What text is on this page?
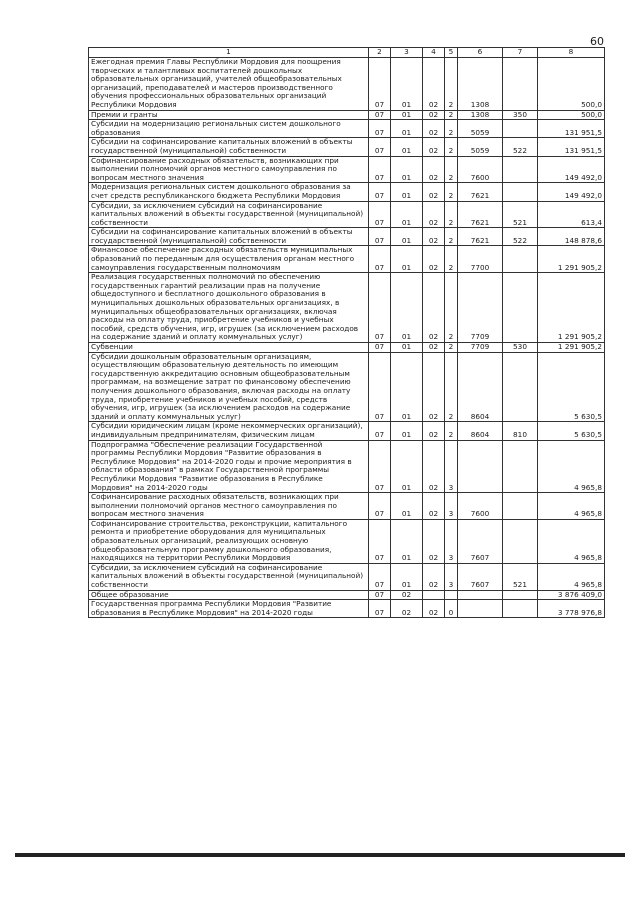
60
1	2	3	4	5	6	7	8
Ежегодная премия Главы Республики Мордовия для поощрения творческих и талантливых воспитателей дошкольных образовательных организаций, учителей общеобразовательных организаций, преподавателей и мастеров производственного обучения профессиональных образовательных организаций Республики Мордовия	07	01	02	2	1308		500,0
Премии и гранты	07	01	02	2	1308	350	500,0
Субсидии на модернизацию региональных систем дошкольного образования	07	01	02	2	5059		131 951,5
Субсидии на софинансирование капитальных вложений в объекты государственной (муниципальной) собственности	07	01	02	2	5059	522	131 951,5
Софинансирование расходных обязательств, возникающих при выполнении полномочий органов местного самоуправления по вопросам местного значения	07	01	02	2	7600		149 492,0
Модернизация региональных систем дошкольного образования за счет средств республиканского бюджета Республики Мордовия	07	01	02	2	7621		149 492,0
Субсидии, за исключением субсидий на софинансирование капитальных вложений в объекты государственной (муниципальной) собственности	07	01	02	2	7621	521	613,4
Субсидии на софинансирование капитальных вложений в объекты государственной (муниципальной) собственности	07	01	02	2	7621	522	148 878,6
Финансовое обеспечение расходных обязательств муниципальных образований по переданным для осуществления органам местного самоуправления государственным полномочиям	07	01	02	2	7700		1 291 905,2
Реализация государственных полномочий по обеспечению государственных гарантий реализации прав на получение общедоступного и бесплатного дошкольного образования в муниципальных дошкольных образовательных организациях, в муниципальных общеобразовательных организациях, включая расходы на оплату труда, приобретение учебников и учебных пособий, средств обучения, игр, игрушек (за исключением расходов на содержание зданий и оплату коммунальных услуг)	07	01	02	2	7709		1 291 905,2
Субвенции	07	01	02	2	7709	530	1 291 905,2
Субсидии дошкольным образовательным организациям, осуществляющим образовательную деятельность по имеющим государственную аккредитацию основным общеобразовательным программам, на возмещение затрат по финансовому обеспечению получения дошкольного образования, включая расходы на оплату труда, приобретение учебников и учебных пособий, средств обучения, игр, игрушек (за исключением расходов на содержание зданий и оплату коммунальных услуг)	07	01	02	2	8604		5 630,5
Субсидии юридическим лицам (кроме некоммерческих организаций), индивидуальным предпринимателям, физическим лицам	07	01	02	2	8604	810	5 630,5
Подпрограмма "Обеспечение реализации Государственной программы Республики Мордовия "Развитие образования в Республике Мордовия" на 2014-2020 годы и прочие мероприятия в области образования" в рамках Государственной программы Республики Мордовия "Развитие образования в Республике Мордовия" на 2014-2020 годы	07	01	02	3			4 965,8
Софинансирование расходных обязательств, возникающих при выполнении полномочий органов местного самоуправления по вопросам местного значения	07	01	02	3	7600		4 965,8
Софинансирование строительства, реконструкции, капитального ремонта и приобретение оборудования для муниципальных образовательных организаций, реализующих основную общеобразовательную программу дошкольного образования, находящихся на территории Республики Мордовия	07	01	02	3	7607		4 965,8
Субсидии, за исключением субсидий на софинансирование капитальных вложений в объекты государственной (муниципальной) собственности	07	01	02	3	7607	521	4 965,8
Общее образование	07	02					3 876 409,0
Государственная программа Республики Мордовия "Развитие образования в Республике Мордовия" на 2014-2020 годы	07	02	02	0			3 778 976,8
